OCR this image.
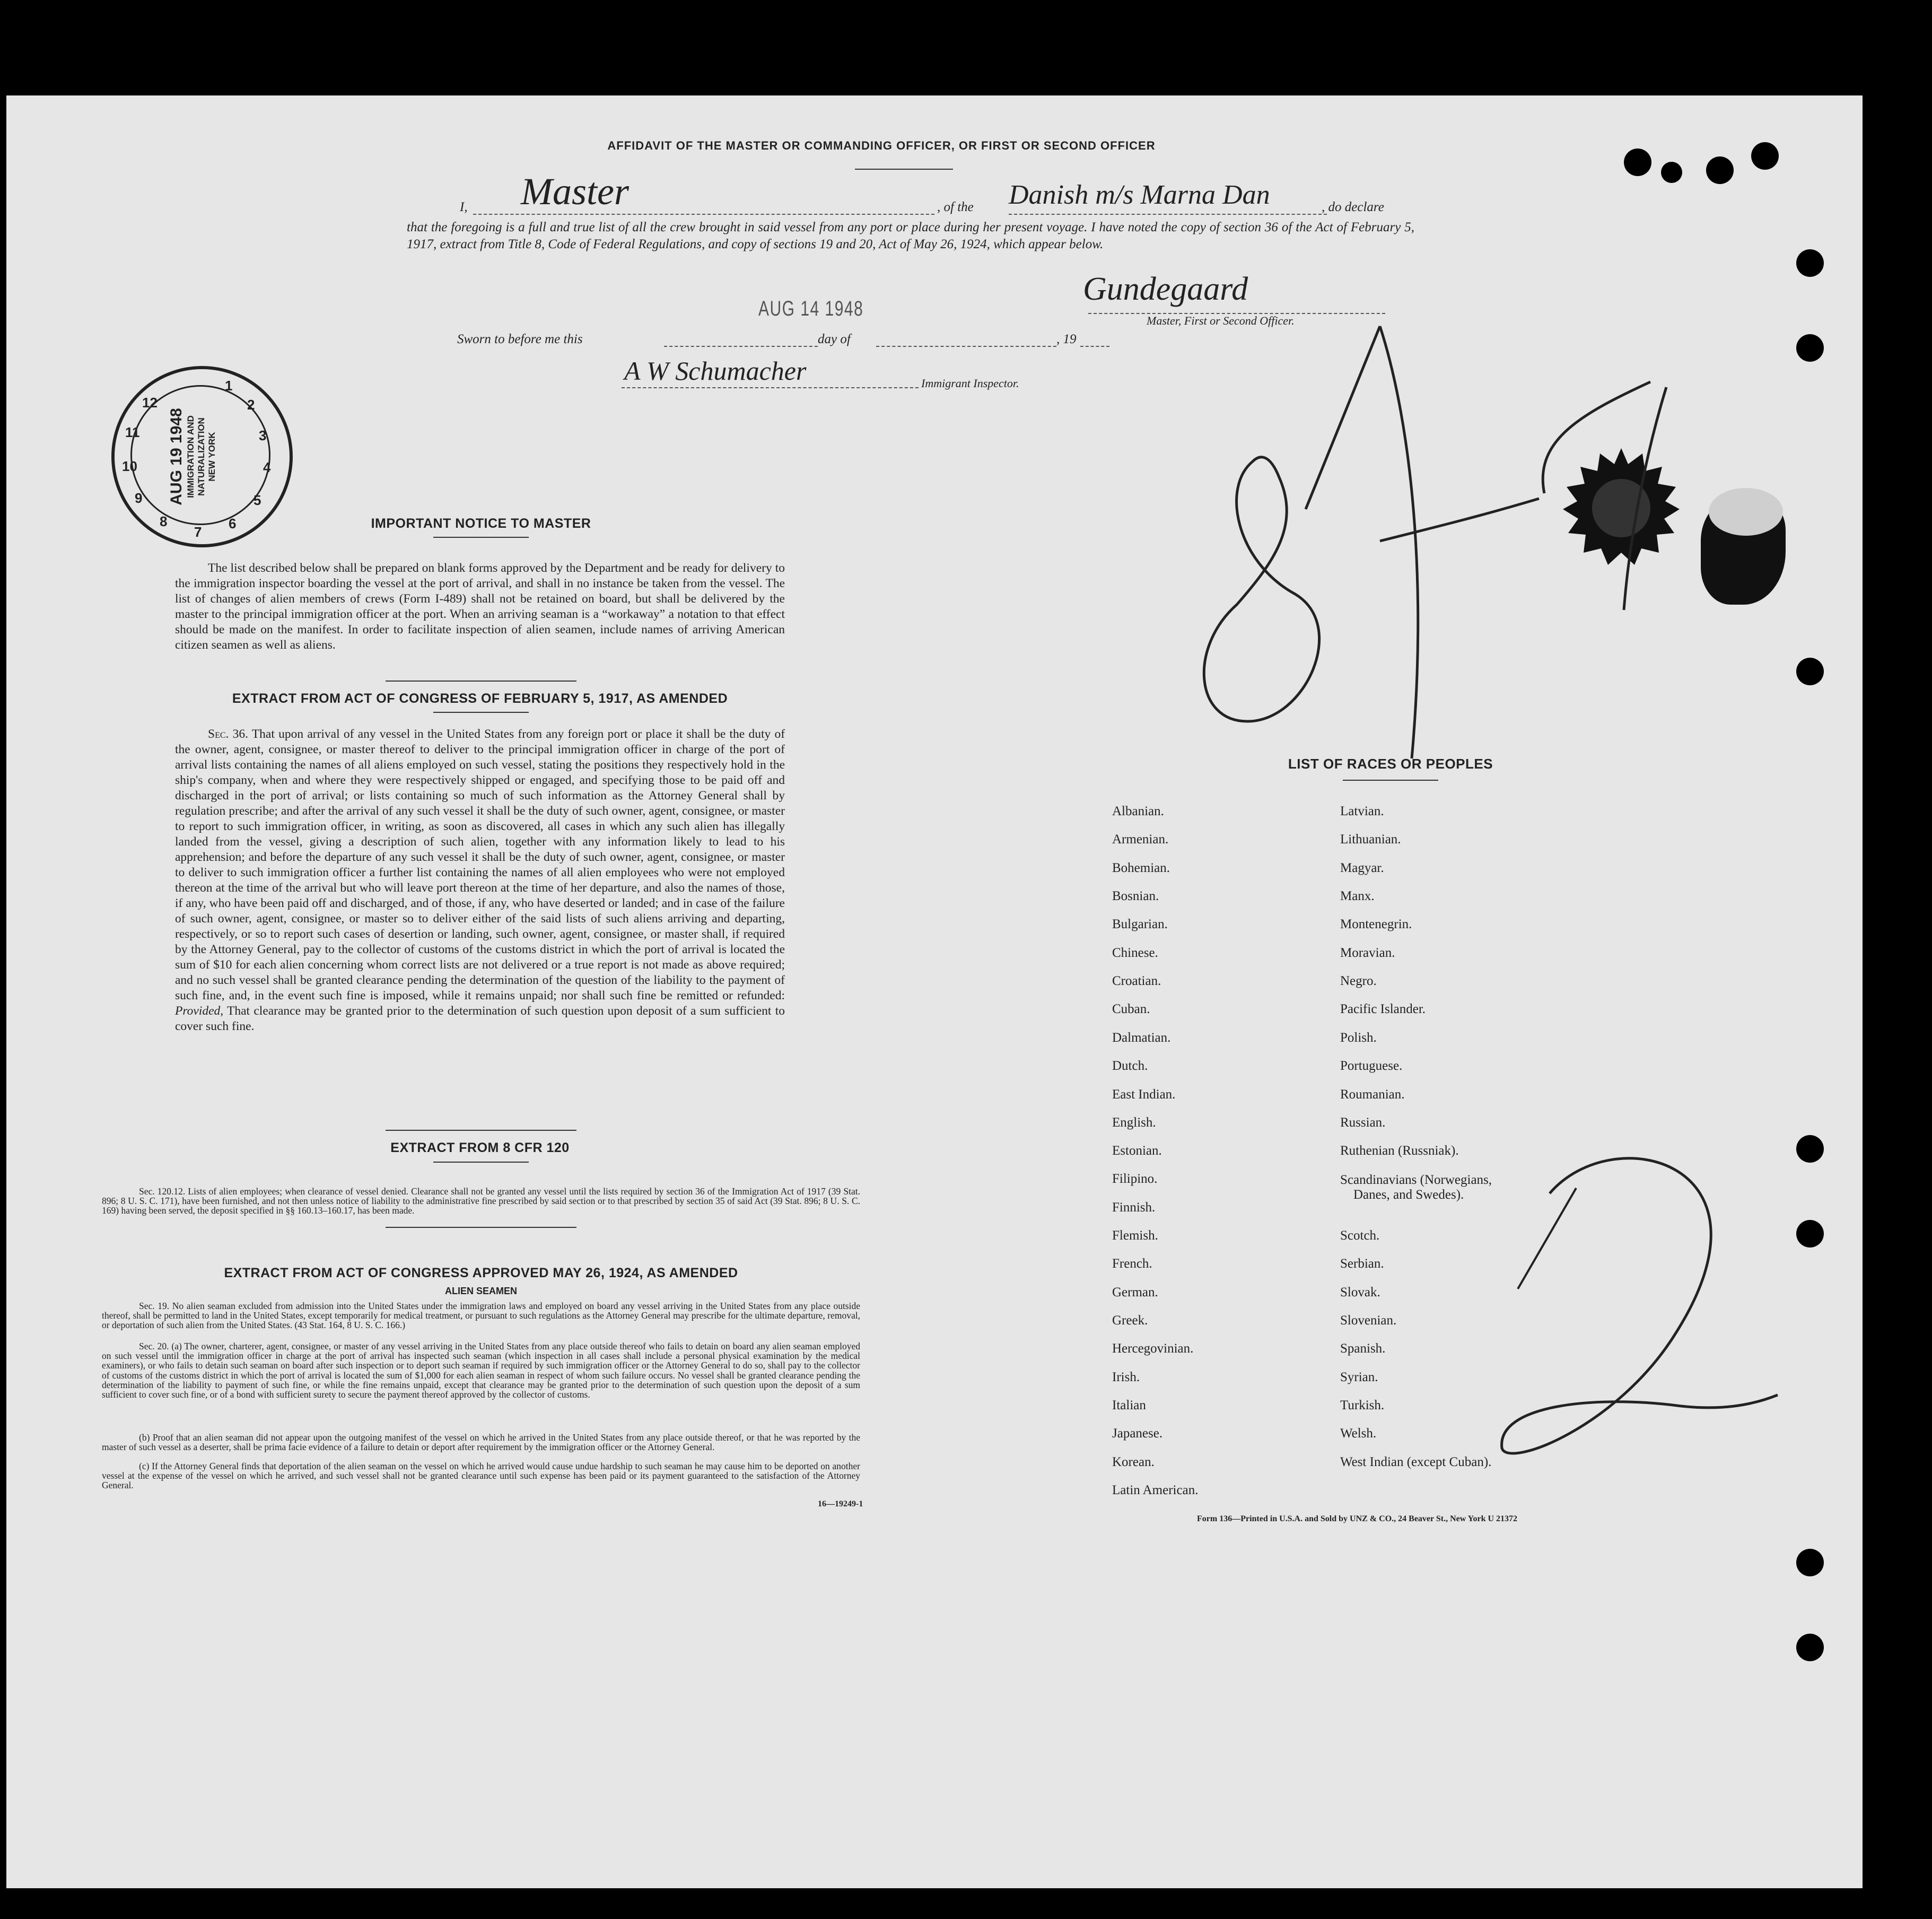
AFFIDAVIT OF THE MASTER OR COMMANDING OFFICER, OR FIRST OR SECOND OFFICER
I, Master	, of the Danish m/s Marna Dan	, do declare
that the foregoing is a full and true list of all the crew brought in said vessel from any port or place during her present voyage. I have noted the copy of section 36 of the Act of February 5, 1917, extract from Title 8, Code of Federal Regulations, and copy of sections 19 and 20, Act of May 26, 1924, which appear below.
AUG 14 1948
Gundegaard
Master, First or Second Officer.
Sworn to before me this	day of	, 19
A W Schumacher	Immigrant Inspector.
1
2
3
4
5
6
7
8
9
10
11
12
AUG 19 1948 IMMIGRATION AND NATURALIZATION NEW YORK
8114
2
IMPORTANT NOTICE TO MASTER
The list described below shall be prepared on blank forms approved by the Department and be ready for delivery to the immigration inspector boarding the vessel at the port of arrival, and shall in no instance be taken from the vessel. The list of changes of alien members of crews (Form I-489) shall not be retained on board, but shall be delivered by the master to the principal immigration officer at the port. When an arriving seaman is a “workaway” a notation to that effect should be made on the manifest. In order to facilitate inspection of alien seamen, include names of arriving American citizen seamen as well as aliens.
EXTRACT FROM ACT OF CONGRESS OF FEBRUARY 5, 1917, AS AMENDED
Sec. 36. That upon arrival of any vessel in the United States from any foreign port or place it shall be the duty of the owner, agent, consignee, or master thereof to deliver to the principal immigration officer in charge of the port of arrival lists containing the names of all aliens employed on such vessel, stating the positions they respectively hold in the ship's company, when and where they were respectively shipped or engaged, and specifying those to be paid off and discharged in the port of arrival; or lists containing so much of such information as the Attorney General shall by regulation prescribe; and after the arrival of any such vessel it shall be the duty of such owner, agent, consignee, or master to report to such immigration officer, in writing, as soon as discovered, all cases in which any such alien has illegally landed from the vessel, giving a description of such alien, together with any information likely to lead to his apprehension; and before the departure of any such vessel it shall be the duty of such owner, agent, consignee, or master to deliver to such immigration officer a further list containing the names of all alien employees who were not employed thereon at the time of the arrival but who will leave port thereon at the time of her departure, and also the names of those, if any, who have been paid off and discharged, and of those, if any, who have deserted or landed; and in case of the failure of such owner, agent, consignee, or master so to deliver either of the said lists of such aliens arriving and departing, respectively, or so to report such cases of desertion or landing, such owner, agent, consignee, or master shall, if required by the Attorney General, pay to the collector of customs of the customs district in which the port of arrival is located the sum of $10 for each alien concerning whom correct lists are not delivered or a true report is not made as above required; and no such vessel shall be granted clearance pending the determination of the question of the liability to the payment of such fine, and, in the event such fine is imposed, while it remains unpaid; nor shall such fine be remitted or refunded: Provided, That clearance may be granted prior to the determination of such question upon deposit of a sum sufficient to cover such fine.
EXTRACT FROM 8 CFR 120
Sec. 120.12. Lists of alien employees; when clearance of vessel denied. Clearance shall not be granted any vessel until the lists required by section 36 of the Immigration Act of 1917 (39 Stat. 896; 8 U. S. C. 171), have been furnished, and not then unless notice of liability to the administrative fine prescribed by said section or to that prescribed by section 35 of said Act (39 Stat. 896; 8 U. S. C. 169) having been served, the deposit specified in §§ 160.13–160.17, has been made.
EXTRACT FROM ACT OF CONGRESS APPROVED MAY 26, 1924, AS AMENDED
ALIEN SEAMEN
Sec. 19. No alien seaman excluded from admission into the United States under the immigration laws and employed on board any vessel arriving in the United States from any place outside thereof, shall be permitted to land in the United States, except temporarily for medical treatment, or pursuant to such regulations as the Attorney General may prescribe for the ultimate departure, removal, or deportation of such alien from the United States. (43 Stat. 164, 8 U. S. C. 166.)
Sec. 20. (a) The owner, charterer, agent, consignee, or master of any vessel arriving in the United States from any place outside thereof who fails to detain on board any alien seaman employed on such vessel until the immigration officer in charge at the port of arrival has inspected such seaman (which inspection in all cases shall include a personal physical examination by the medical examiners), or who fails to detain such seaman on board after such inspection or to deport such seaman if required by such immigration officer or the Attorney General to do so, shall pay to the collector of customs of the customs district in which the port of arrival is located the sum of $1,000 for each alien seaman in respect of whom such failure occurs. No vessel shall be granted clearance pending the determination of the liability to payment of such fine, or while the fine remains unpaid, except that clearance may be granted prior to the determination of such question upon the deposit of a sum sufficient to cover such fine, or of a bond with sufficient surety to secure the payment thereof approved by the collector of customs.
(b) Proof that an alien seaman did not appear upon the outgoing manifest of the vessel on which he arrived in the United States from any place outside thereof, or that he was reported by the master of such vessel as a deserter, shall be prima facie evidence of a failure to detain or deport after requirement by the immigration officer or the Attorney General.
(c) If the Attorney General finds that deportation of the alien seaman on the vessel on which he arrived would cause undue hardship to such seaman he may cause him to be deported on another vessel at the expense of the vessel on which he arrived, and such vessel shall not be granted clearance until such expense has been paid or its payment guaranteed to the satisfaction of the Attorney General.
16—19249-1
LIST OF RACES OR PEOPLES
Form 136—Printed in U.S.A. and Sold by UNZ & CO., 24 Beaver St., New York U 21372
Albanian.
Armenian.
Bohemian.
Bosnian.
Bulgarian.
Chinese.
Croatian.
Cuban.
Dalmatian.
Dutch.
East Indian.
English.
Estonian.
Filipino.
Finnish.
Flemish.
French.
German.
Greek.
Hercegovinian.
Irish.
Italian
Japanese.
Korean.
Latin American.
Latvian.
Lithuanian.
Magyar.
Manx.
Montenegrin.
Moravian.
Negro.
Pacific Islander.
Polish.
Portuguese.
Roumanian.
Russian.
Ruthenian (Russniak).
Scandinavians (Norwegians,
Danes, and Swedes).
Scotch.
Serbian.
Slovak.
Slovenian.
Spanish.
Syrian.
Turkish.
Welsh.
West Indian (except Cuban).
